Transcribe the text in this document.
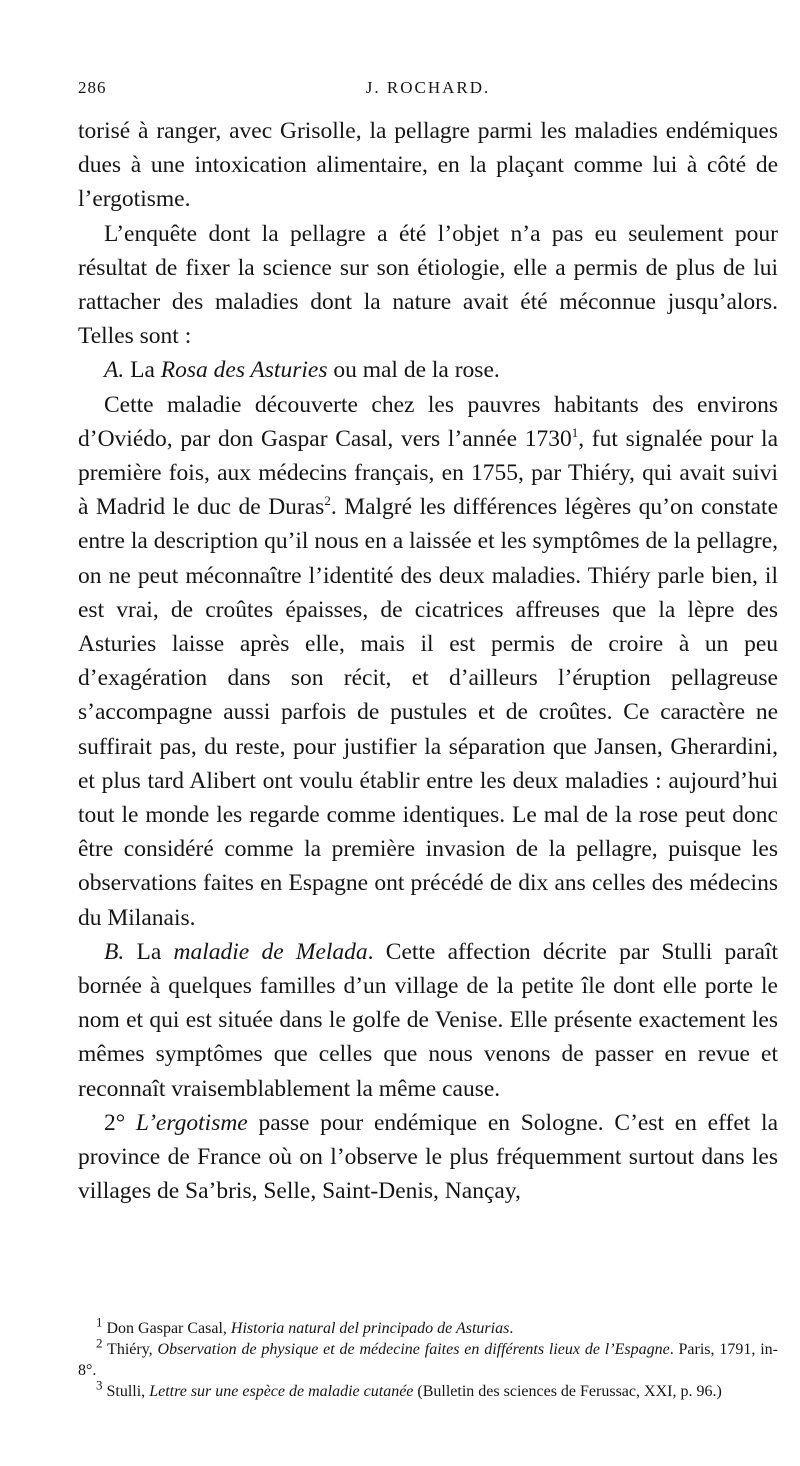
286	J. ROCHARD.

torisé à ranger, avec Grisolle, la pellagre parmi les maladies endémiques dues à une intoxication alimentaire, en la plaçant comme lui à côté de l’ergotisme.

L’enquête dont la pellagre a été l’objet n’a pas eu seulement pour résultat de fixer la science sur son étiologie, elle a permis de plus de lui rattacher des maladies dont la nature avait été méconnue jusqu’alors. Telles sont :

A. La Rosa des Asturies ou mal de la rose.

Cette maladie découverte chez les pauvres habitants des environs d’Oviédo, par don Gaspar Casal, vers l’année 1730$^1$, fut signalée pour la première fois, aux médecins français, en 1755, par Thiéry, qui avait suivi à Madrid le duc de Duras$^2$. Malgré les différences légères qu’on constate entre la description qu’il nous en a laissée et les symptômes de la pellagre, on ne peut méconnaître l’identité des deux maladies. Thiéry parle bien, il est vrai, de croûtes épaisses, de cicatrices affreuses que la lèpre des Asturies laisse après elle, mais il est permis de croire à un peu d’exagération dans son récit, et d’ailleurs l’éruption pellagreuse s’accompagne aussi parfois de pustules et de croûtes. Ce caractère ne suffirait pas, du reste, pour justifier la séparation que Jansen, Gherardini, et plus tard Alibert ont voulu établir entre les deux maladies : aujourd’hui tout le monde les regarde comme identiques. Le mal de la rose peut donc être considéré comme la première invasion de la pellagre, puisque les observations faites en Espagne ont précédé de dix ans celles des médecins du Milanais.

B. La maladie de Melada. Cette affection décrite par Stulli paraît bornée à quelques familles d’un village de la petite île dont elle porte le nom et qui est située dans le golfe de Venise. Elle présente exactement les mêmes symptômes que celles que nous venons de passer en revue et reconnaît vraisemblablement la même cause.

2° L’ergotisme passe pour endémique en Sologne. C’est en effet la province de France où on l’observe le plus fréquemment surtout dans les villages de Sa’bris, Selle, Saint-Denis, Nançay,

$^1$ Don Gaspar Casal, Historia natural del principado de Asturias.

$^2$ Thiéry, Observation de physique et de médecine faites en différents lieux de l’Espagne. Paris, 1791, in-8°.

$^3$ Stulli, Lettre sur une espèce de maladie cutanée (Bulletin des sciences de Ferussac, XXI, p. 96.)
